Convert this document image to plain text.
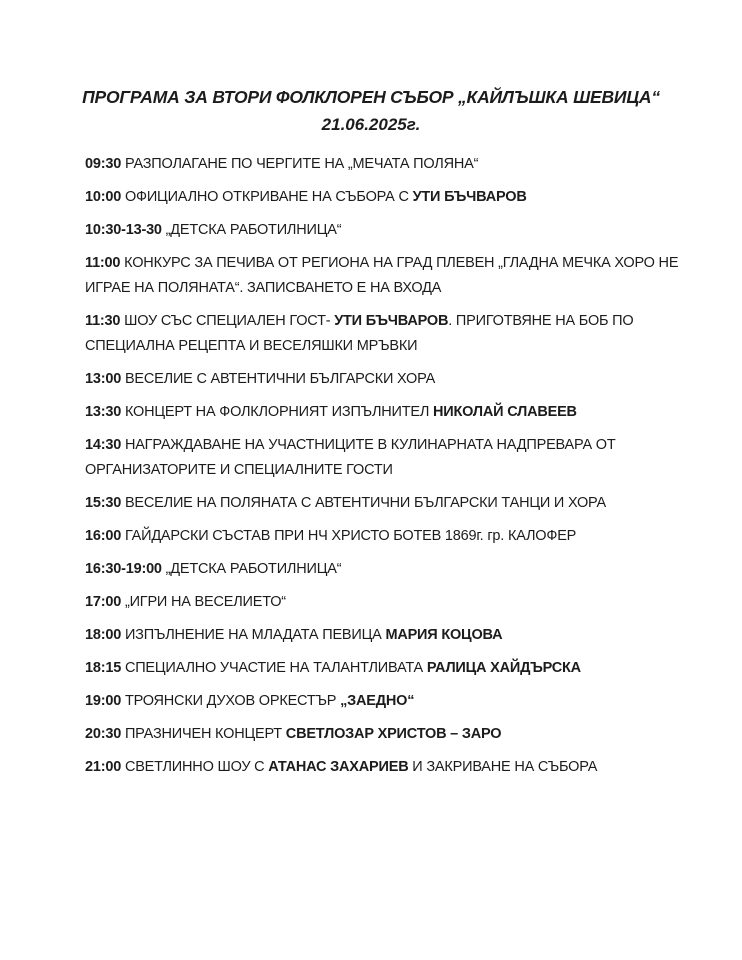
ПРОГРАМА ЗА ВТОРИ ФОЛКЛОРЕН СЪБОР „КАЙЛЪШКА ШЕВИЦА“
21.06.2025г.

09:30 РАЗПОЛАГАНЕ ПО ЧЕРГИТЕ НА „МЕЧАТА ПОЛЯНА“

10:00 ОФИЦИАЛНО ОТКРИВАНЕ НА СЪБОРА С УТИ БЪЧВАРОВ

10:30-13-30 „ДЕТСКА РАБОТИЛНИЦА“

11:00 КОНКУРС ЗА ПЕЧИВА ОТ РЕГИОНА НА ГРАД ПЛЕВЕН „ГЛАДНА МЕЧКА ХОРО НЕ ИГРАЕ НА ПОЛЯНАТА“. ЗАПИСВАНЕТО Е НА ВХОДА

11:30 ШОУ СЪС СПЕЦИАЛЕН ГОСТ- УТИ БЪЧВАРОВ. ПРИГОТВЯНЕ НА БОБ ПО СПЕЦИАЛНА РЕЦЕПТА И ВЕСЕЛЯШКИ МРЪВКИ

13:00 ВЕСЕЛИЕ С АВТЕНТИЧНИ БЪЛГАРСКИ ХОРА

13:30 КОНЦЕРТ НА ФОЛКЛОРНИЯТ ИЗПЪЛНИТЕЛ НИКОЛАЙ СЛАВЕЕВ

14:30 НАГРАЖДАВАНЕ НА УЧАСТНИЦИТЕ В КУЛИНАРНАТА НАДПРЕВАРА ОТ ОРГАНИЗАТОРИТЕ И СПЕЦИАЛНИТЕ ГОСТИ

15:30 ВЕСЕЛИЕ НА ПОЛЯНАТА С АВТЕНТИЧНИ БЪЛГАРСКИ ТАНЦИ И ХОРА

16:00 ГАЙДАРСКИ СЪСТАВ ПРИ НЧ ХРИСТО БОТЕВ 1869г. гр. КАЛОФЕР

16:30-19:00 „ДЕТСКА РАБОТИЛНИЦА“

17:00 „ИГРИ НА ВЕСЕЛИЕТО“

18:00 ИЗПЪЛНЕНИЕ НА МЛАДАТА ПЕВИЦА МАРИЯ КОЦОВА

18:15 СПЕЦИАЛНО УЧАСТИЕ НА ТАЛАНТЛИВАТА РАЛИЦА ХАЙДЪРСКА

19:00 ТРОЯНСКИ ДУХОВ ОРКЕСТЪР „ЗАЕДНО“

20:30 ПРАЗНИЧЕН КОНЦЕРТ СВЕТЛОЗАР ХРИСТОВ – ЗАРО

21:00 СВЕТЛИННО ШОУ С АТАНАС ЗАХАРИЕВ И ЗАКРИВАНЕ НА СЪБОРА
